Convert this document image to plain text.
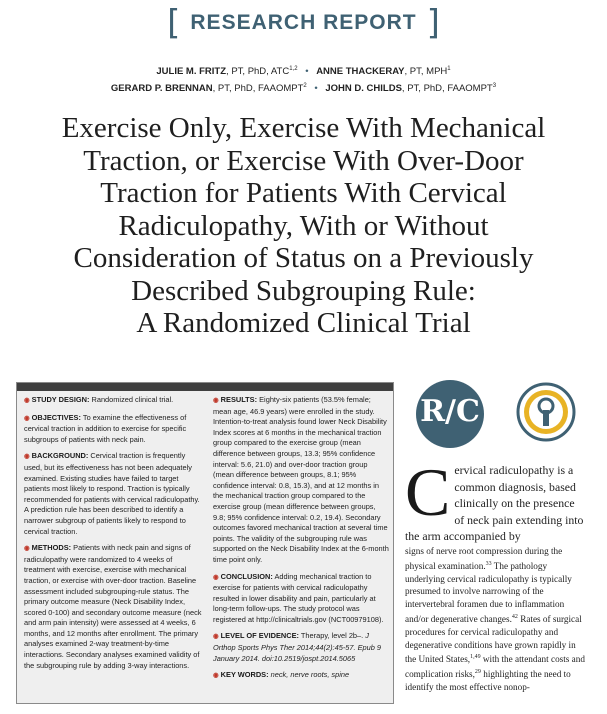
[ RESEARCH REPORT ]
JULIE M. FRITZ, PT, PhD, ATC$^{1,2}$ • ANNE THACKERAY, PT, MPH$^1$
GERARD P. BRENNAN, PT, PhD, FAAOMPT$^2$ • JOHN D. CHILDS, PT, PhD, FAAOMPT$^3$
Exercise Only, Exercise With Mechanical
Traction, or Exercise With Over-Door
Traction for Patients With Cervical
Radiculopathy, With or Without
Consideration of Status on a Previously
Described Subgrouping Rule:
A Randomized Clinical Trial
◉ STUDY DESIGN: Randomized clinical trial.
◉ OBJECTIVES: To examine the effectiveness of cervical traction in addition to exercise for specific subgroups of patients with neck pain.
◉ BACKGROUND: Cervical traction is frequently used, but its effectiveness has not been adequately examined. Existing studies have failed to target patients most likely to respond. Traction is typically recommended for patients with cervical radiculopathy. A prediction rule has been described to identify a narrower subgroup of patients likely to respond to cervical traction.
◉ METHODS: Patients with neck pain and signs of radiculopathy were randomized to 4 weeks of treatment with exercise, exercise with mechanical traction, or exercise with over-door traction. Baseline assessment included subgrouping-rule status. The primary outcome measure (Neck Disability Index, scored 0-100) and secondary outcome measure (neck and arm pain intensity) were assessed at 4 weeks, 6 months, and 12 months after enrollment. The primary analyses examined 2-way treatment-by-time interactions. Secondary analyses examined validity of the subgrouping rule by adding 3-way interactions.
◉ RESULTS: Eighty-six patients (53.5% female; mean age, 46.9 years) were enrolled in the study. Intention-to-treat analysis found lower Neck Disability Index scores at 6 months in the mechanical traction group compared to the exercise group (mean difference between groups, 13.3; 95% confidence interval: 5.6, 21.0) and over-door traction group (mean difference between groups, 8.1; 95% confidence interval: 0.8, 15.3), and at 12 months in the mechanical traction group compared to the exercise group (mean difference between groups, 9.8; 95% confidence interval: 0.2, 19.4). Secondary outcomes favored mechanical traction at several time points. The validity of the subgrouping rule was supported on the Neck Disability Index at the 6-month time point only.
◉ CONCLUSION: Adding mechanical traction to exercise for patients with cervical radiculopathy resulted in lower disability and pain, particularly at long-term follow-ups. The study protocol was registered at http://clinicaltrials.gov (NCT00979108).
◉ LEVEL OF EVIDENCE: Therapy, level 2b–. J Orthop Sports Phys Ther 2014;44(2):45-57. Epub 9 January 2014. doi:10.2519/jospt.2014.5065
◉ KEY WORDS: neck, nerve roots, spine
R/C
C ervical radiculopathy is a common diagnosis, based clinically on the presence of neck pain extending into the arm accompanied by

signs of nerve root compression during the physical examination.$^{33}$ The pathology underlying cervical radiculopathy is typically presumed to involve narrowing of the intervertebral foramen due to inflammation and/or degenerative changes.$^{42}$ Rates of surgical procedures for cervical radiculopathy and degenerative conditions have grown rapidly in the United States,$^{1,49}$ with the attendant costs and complication risks,$^{29}$ highlighting the need to identify the most effective nonop-
